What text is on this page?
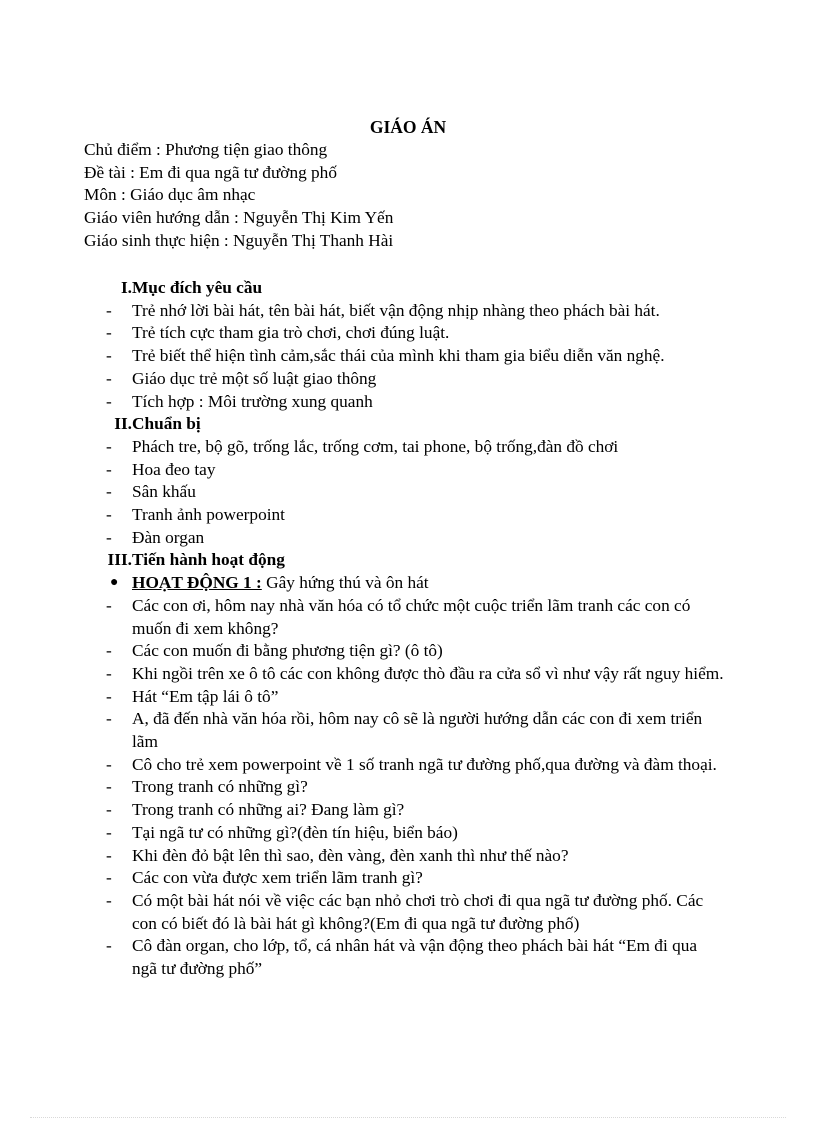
GIÁO ÁN
Chủ điểm : Phương tiện giao thông
Đề tài : Em đi qua ngã tư đường phố
Môn : Giáo dục âm nhạc
Giáo viên hướng dẫn : Nguyễn Thị Kim Yến
Giáo sinh thực hiện : Nguyễn Thị Thanh Hài
I. Mục đích yêu cầu
-	Trẻ nhớ lời bài hát, tên bài hát, biết vận động nhịp nhàng theo phách bài hát.
-	Trẻ tích cực tham gia trò chơi, chơi đúng luật.
-	Trẻ biết thể hiện tình cảm,sắc thái của mình khi tham gia biểu diễn văn nghệ.
-	Giáo dục trẻ một số luật giao thông
-	Tích hợp : Môi trường xung quanh
II. Chuẩn bị
-	Phách tre, bộ gõ, trống lắc, trống cơm, tai phone, bộ trống,đàn đồ chơi
-	Hoa đeo tay
-	Sân khấu
-	Tranh ảnh powerpoint
-	Đàn organ
III. Tiến hành hoạt động
● HOẠT ĐỘNG 1 : Gây hứng thú và ôn hát
-	Các con ơi, hôm nay nhà văn hóa có tổ chức một cuộc triển lãm tranh các con có muốn đi xem không?
-	Các con muốn đi bằng phương tiện gì? (ô tô)
-	Khi ngồi trên xe ô tô các con không được thò đầu ra cửa sổ vì như vậy rất nguy hiểm.
-	Hát “Em tập lái ô tô”
-	A, đã đến nhà văn hóa rồi, hôm nay cô sẽ là người hướng dẫn các con đi xem triển lãm
-	Cô cho trẻ xem powerpoint về 1 số tranh ngã tư đường phố,qua đường và đàm thoại.
-	Trong tranh có những gì?
-	Trong tranh có những ai? Đang làm gì?
-	Tại ngã tư có những gì?(đèn tín hiệu, biển báo)
-	Khi đèn đỏ bật lên thì sao, đèn vàng, đèn xanh thì như thế nào?
-	Các con vừa được xem triển lãm tranh gì?
-	Có một bài hát nói về việc các bạn nhỏ chơi trò chơi đi qua ngã tư đường phố. Các con có biết đó là bài hát gì không?(Em đi qua ngã tư đường phố)
-	Cô đàn organ, cho lớp, tổ, cá nhân hát và vận động theo phách bài hát “Em đi qua ngã tư đường phố”
